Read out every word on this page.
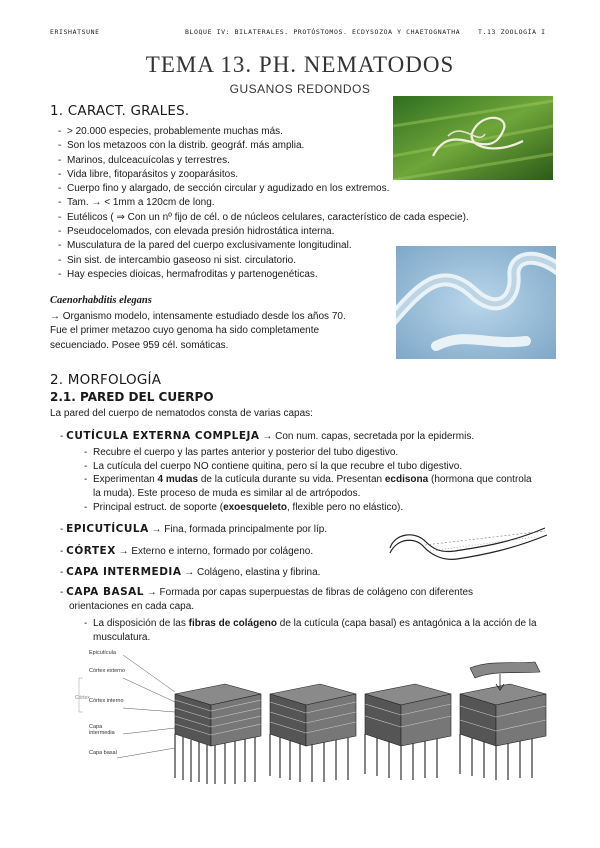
ERISHATSUNE	BLOQUE IV: BILATERALES. PROTÓSTOMOS. ECDYSOZOA Y CHAETOGNATHA	T.13 ZOOLOGÍA I
TEMA 13. PH. NEMATODOS
GUSANOS REDONDOS
1. CARACT. GRALES.
- > 20.000 especies, probablemente muchas más.
- Son los metazoos con la distrib. geográf. más amplia.
- Marinos, dulceacuícolas y terrestres.
- Vida libre, fitoparásitos y zooparásitos.
- Cuerpo fino y alargado, de sección circular y agudizado en los extremos.
- Tam. → < 1mm a 120cm de long.
- Eutélicos ( ⇒ Con un nº fijo de cél. o de núcleos celulares, característico de cada especie).
- Pseudocelomados, con elevada presión hidrostática interna.
- Musculatura de la pared del cuerpo exclusivamente longitudinal.
- Sin sist. de intercambio gaseoso ni sist. circulatorio.
- Hay especies dioicas, hermafroditas y partenogenéticas.
Caenorhabditis elegans
→ Organismo modelo, intensamente estudiado desde los años 70.
Fue el primer metazoo cuyo genoma ha sido completamente
secuenciado. Posee 959 cél. somáticas.
2. MORFOLOGÍA
2.1. PARED DEL CUERPO
La pared del cuerpo de nematodos consta de varias capas:
- CUTÍCULA EXTERNA COMPLEJA → Con num. capas, secretada por la epidermis.
- Recubre el cuerpo y las partes anterior y posterior del tubo digestivo.
- La cutícula del cuerpo NO contiene quitina, pero sí la que recubre el tubo digestivo.
- Experimentan 4 mudas de la cutícula durante su vida. Presentan ecdisona (hormona que controla la muda). Este proceso de muda es similar al de artrópodos.
- Principal estruct. de soporte (exoesqueleto, flexible pero no elástico).
- EPICUTÍCULA → Fina, formada principalmente por líp.
- CÓRTEX → Externo e interno, formado por colágeno.
- CAPA INTERMEDIA → Colágeno, elastina y fibrina.
- CAPA BASAL → Formada por capas superpuestas de fibras de colágeno con diferentes
orientaciones en cada capa.
- La disposición de las fibras de colágeno de la cutícula (capa basal) es antagónica a la acción de la musculatura.
Epicutícula
Córtex
Córtex externo
Córtex interno
Capa intermedia
Capa basal
